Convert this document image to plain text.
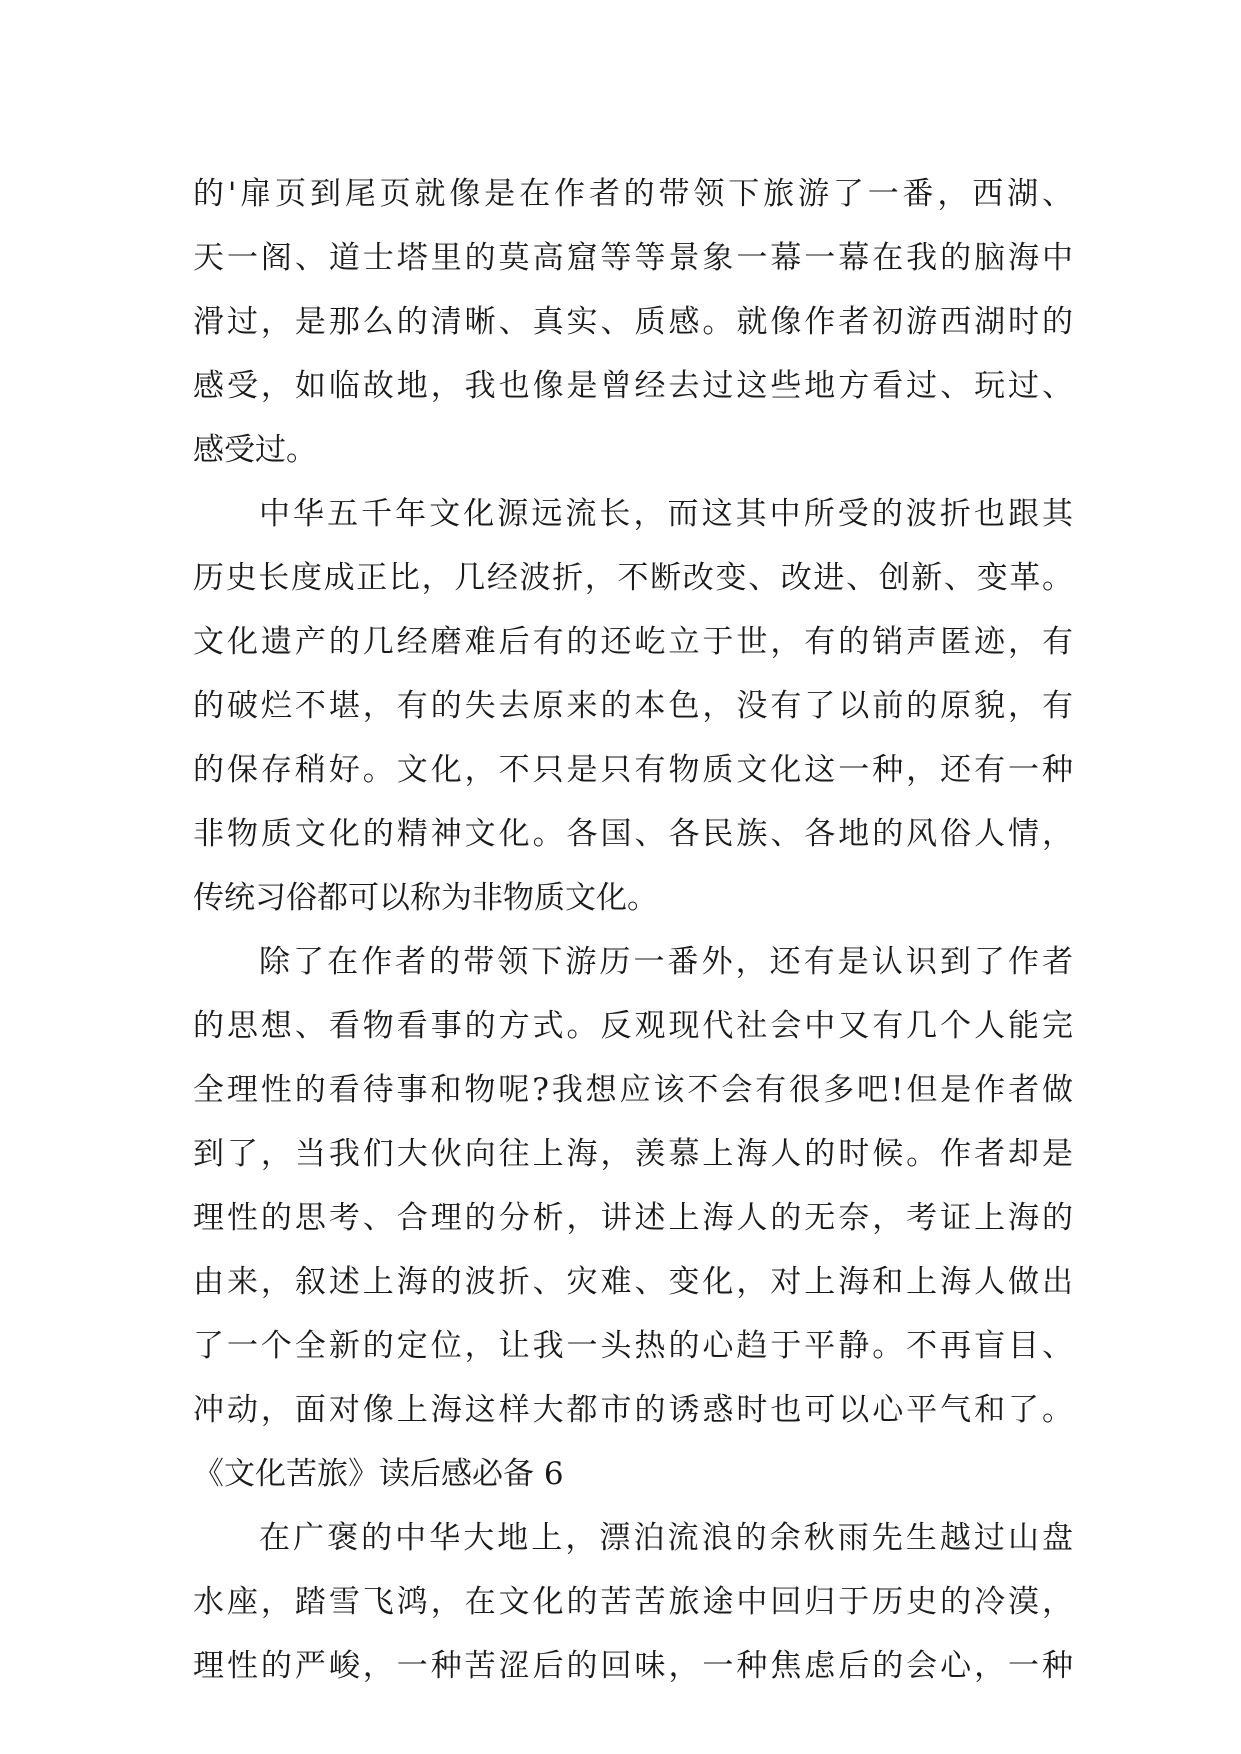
的'扉页到尾页就像是在作者的带领下旅游了一番，西湖、
天一阁、道士塔里的莫高窟等等景象一幕一幕在我的脑海中
滑过，是那么的清晰、真实、质感。就像作者初游西湖时的
感受，如临故地，我也像是曾经去过这些地方看过、玩过、
感受过。
中华五千年文化源远流长，而这其中所受的波折也跟其
历史长度成正比，几经波折，不断改变、改进、创新、变革。
文化遗产的几经磨难后有的还屹立于世，有的销声匿迹，有
的破烂不堪，有的失去原来的本色，没有了以前的原貌，有
的保存稍好。文化，不只是只有物质文化这一种，还有一种
非物质文化的精神文化。各国、各民族、各地的风俗人情，
传统习俗都可以称为非物质文化。
除了在作者的带领下游历一番外，还有是认识到了作者
的思想、看物看事的方式。反观现代社会中又有几个人能完
全理性的看待事和物呢?我想应该不会有很多吧!但是作者做
到了，当我们大伙向往上海，羡慕上海人的时候。作者却是
理性的思考、合理的分析，讲述上海人的无奈，考证上海的
由来，叙述上海的波折、灾难、变化，对上海和上海人做出
了一个全新的定位，让我一头热的心趋于平静。不再盲目、
冲动，面对像上海这样大都市的诱惑时也可以心平气和了。
《文化苦旅》读后感必备 6
在广褒的中华大地上，漂泊流浪的余秋雨先生越过山盘
水座，踏雪飞鸿，在文化的苦苦旅途中回归于历史的冷漠，
理性的严峻，一种苦涩后的回味，一种焦虑后的会心，一种
